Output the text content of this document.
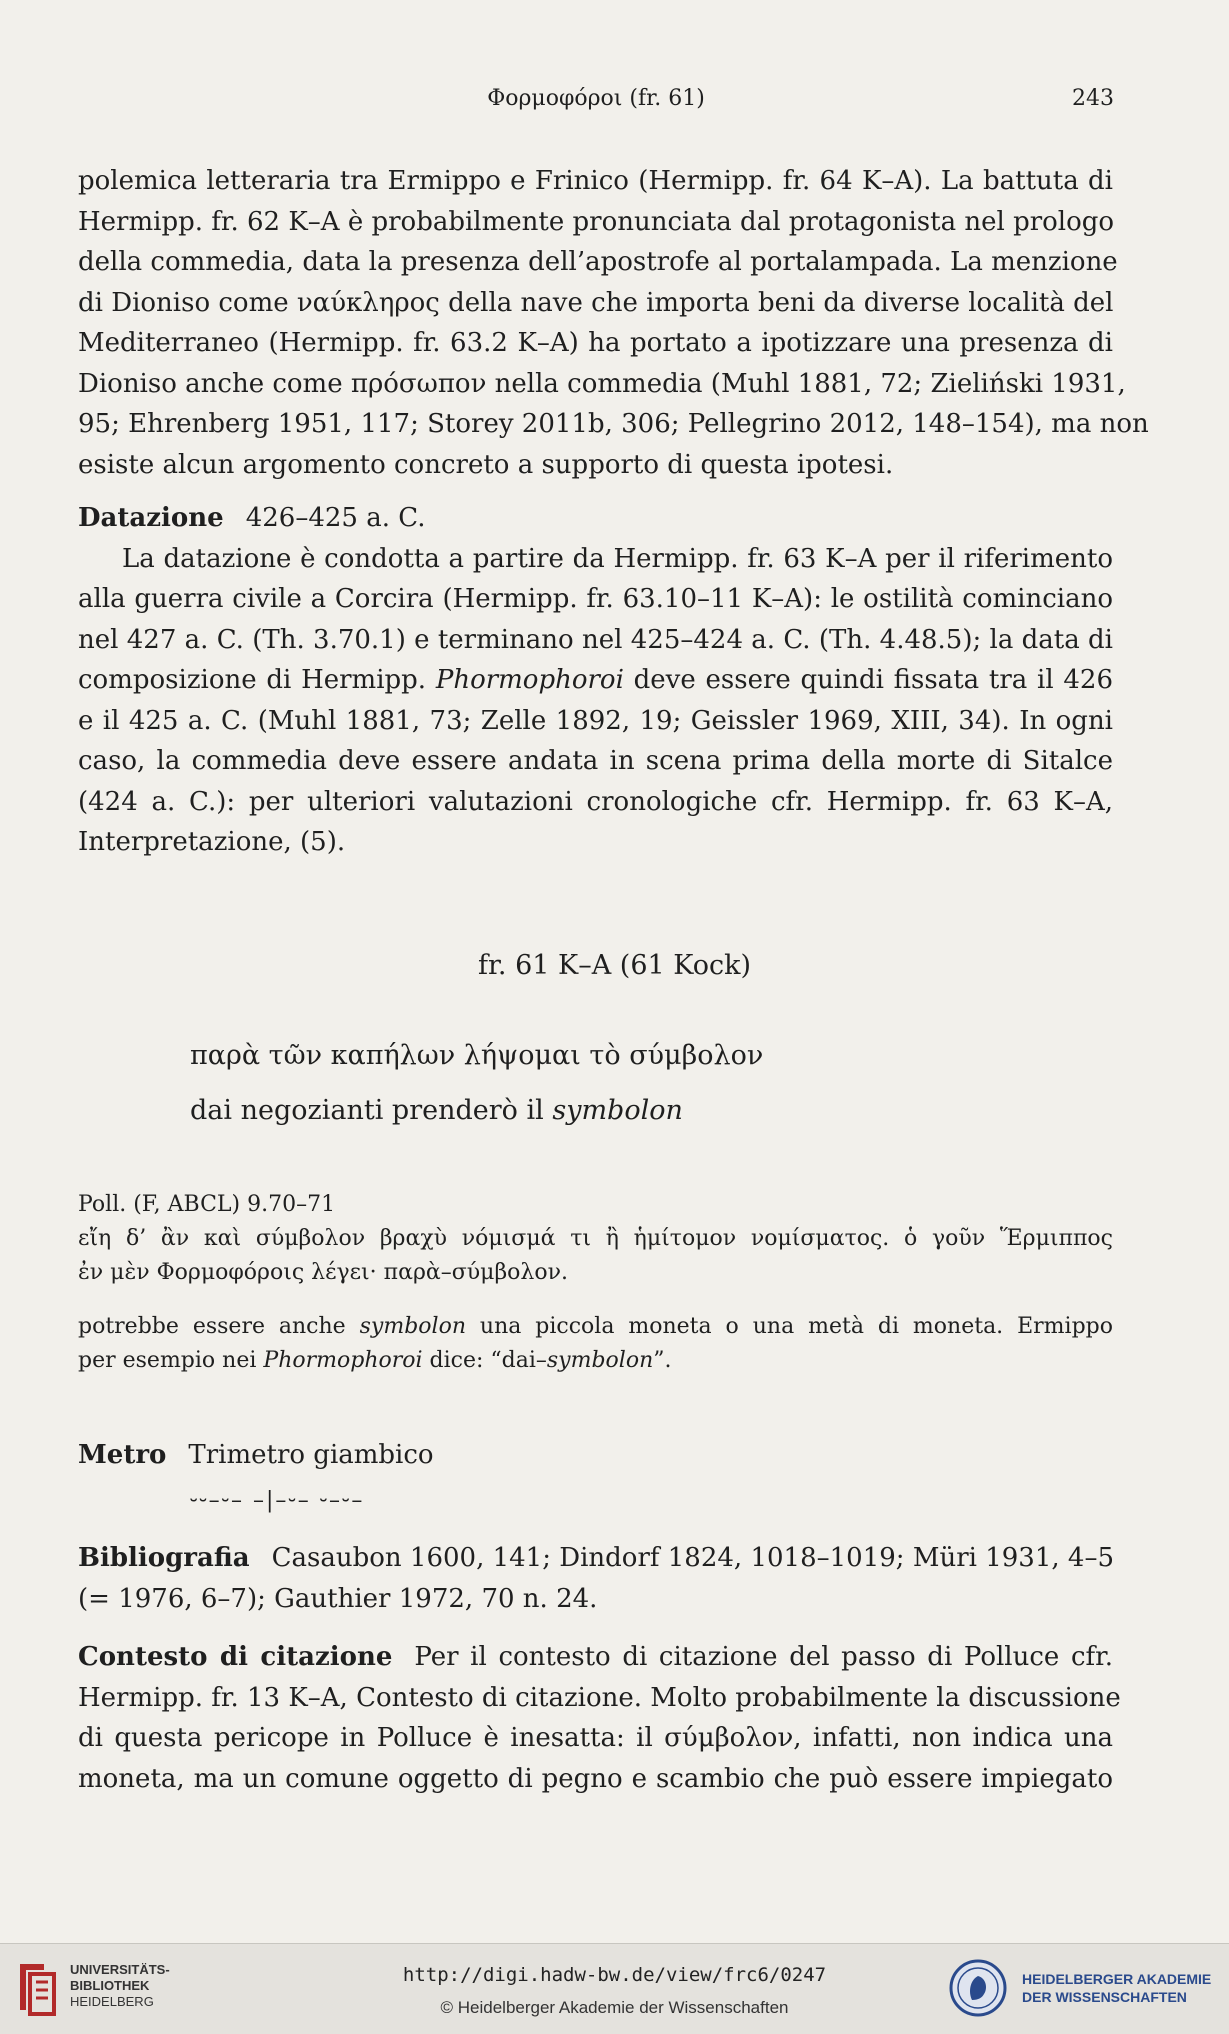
Φορμοφόροι (fr. 61)	243
polemica letteraria tra Ermippo e Frinico (Hermipp. fr. 64 K–A). La battuta di
Hermipp. fr. 62 K–A è probabilmente pronunciata dal protagonista nel prologo
della commedia, data la presenza dell’apostrofe al portalampada. La menzione
di Dioniso come ναύκληρος della nave che importa beni da diverse località del
Mediterraneo (Hermipp. fr. 63.2 K–A) ha portato a ipotizzare una presenza di
Dioniso anche come πρόσωπον nella commedia (Muhl 1881, 72; Zieliński 1931,
95; Ehrenberg 1951, 117; Storey 2011b, 306; Pellegrino 2012, 148–154), ma non
esiste alcun argomento concreto a supporto di questa ipotesi.
Datazione 426–425 a. C.
La datazione è condotta a partire da Hermipp. fr. 63 K–A per il riferimento
alla guerra civile a Corcira (Hermipp. fr. 63.10–11 K–A): le ostilità cominciano
nel 427 a. C. (Th. 3.70.1) e terminano nel 425–424 a. C. (Th. 4.48.5); la data di
composizione di Hermipp. Phormophoroi deve essere quindi fissata tra il 426
e il 425 a. C. (Muhl 1881, 73; Zelle 1892, 19; Geissler 1969, XIII, 34). In ogni
caso, la commedia deve essere andata in scena prima della morte di Sitalce
(424 a. C.): per ulteriori valutazioni cronologiche cfr. Hermipp. fr. 63 K–A,
Interpretazione, (5).
fr. 61 K–A (61 Kock)
παρὰ τῶν καπήλων λήψομαι τὸ σύμβολον
dai negozianti prenderò il symbolon
Poll. (F, ABCL) 9.70–71
εἴη δ’ ἂν καὶ σύμβολον βραχὺ νόμισμά τι ἢ ἡμίτομον νομίσματος. ὁ γοῦν Ἕρμιππος
ἐν μὲν Φορμοφόροις λέγει· παρὰ–σύμβολον.
potrebbe essere anche symbolon una piccola moneta o una metà di moneta. Ermippo
per esempio nei Phormophoroi dice: “dai–symbolon”.
Metro Trimetro giambico
⏑⏑–⏑– –|–⏑– ⏑–⏑–
Bibliografia Casaubon 1600, 141; Dindorf 1824, 1018–1019; Müri 1931, 4–5
(= 1976, 6–7); Gauthier 1972, 70 n. 24.
Contesto di citazione Per il contesto di citazione del passo di Polluce cfr.
Hermipp. fr. 13 K–A, Contesto di citazione. Molto probabilmente la discussione
di questa pericope in Polluce è inesatta: il σύμβολον, infatti, non indica una
moneta, ma un comune oggetto di pegno e scambio che può essere impiegato
UNIVERSITÄTS-
BIBLIOTHEK
HEIDELBERG
http://digi.hadw-bw.de/view/frc6/0247
© Heidelberger Akademie der Wissenschaften
HEIDELBERGER AKADEMIE
DER WISSENSCHAFTEN
